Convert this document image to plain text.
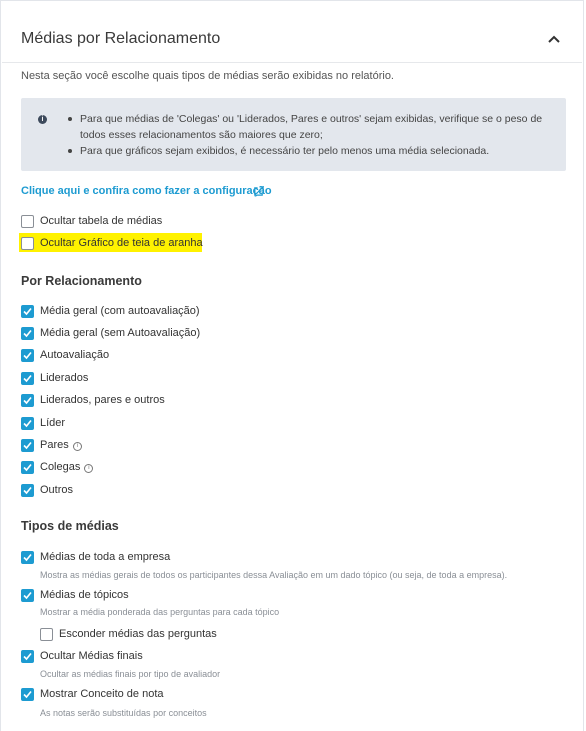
Médias por Relacionamento
Nesta seção você escolhe quais tipos de médias serão exibidas no relatório.
i	Para que médias de 'Colegas' ou 'Liderados, Pares e outros' sejam exibidas, verifique se o peso de todos esses relacionamentos são maiores que zero;
Para que gráficos sejam exibidos, é necessário ter pelo menos uma média selecionada.
Clique aqui e confira como fazer a configuração
Ocultar tabela de médias
Ocultar Gráfico de teia de aranha
Por Relacionamento
Média geral (com autoavaliação)
Média geral (sem Autoavaliação)
Autoavaliação
Liderados
Liderados, pares e outros
Líder
Pares i
Colegas i
Outros
Tipos de médias
Médias de toda a empresa
Mostra as médias gerais de todos os participantes dessa Avaliação em um dado tópico (ou seja, de toda a empresa).
Médias de tópicos
Mostrar a média ponderada das perguntas para cada tópico
Esconder médias das perguntas
Ocultar Médias finais
Ocultar as médias finais por tipo de avaliador
Mostrar Conceito de nota
As notas serão substituídas por conceitos
